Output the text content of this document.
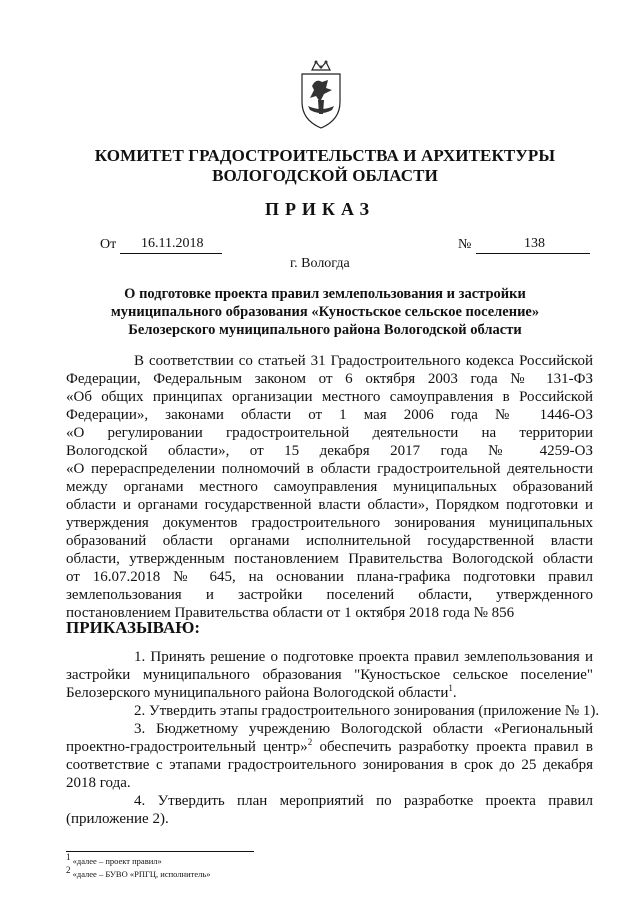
КОМИТЕТ ГРАДОСТРОИТЕЛЬСТВА И АРХИТЕКТУРЫ
ВОЛОГОДСКОЙ ОБЛАСТИ
ПРИКАЗ
От 16.11.2018	№	138
г. Вологда
О подготовке проекта правил землепользования и застройки
муниципального образования «Куностьское сельское поселение»
Белозерского муниципального района Вологодской области
В соответствии со статьей 31 Градостроительного кодекса Российской
Федерации, Федеральным законом от 6 октября 2003 года № 131-ФЗ
«Об общих принципах организации местного самоуправления в Российской
Федерации», законами области от 1 мая 2006 года № 1446-ОЗ
«О регулировании градостроительной деятельности на территории
Вологодской области», от 15 декабря 2017 года № 4259-ОЗ
«О перераспределении полномочий в области градостроительной деятельности
между органами местного самоуправления муниципальных образований
области и органами государственной власти области», Порядком подготовки и
утверждения документов градостроительного зонирования муниципальных
образований области органами исполнительной государственной власти
области, утвержденным постановлением Правительства Вологодской области
от 16.07.2018 № 645, на основании плана-графика подготовки правил
землепользования и застройки поселений области, утвержденного
постановлением Правительства области от 1 октября 2018 года № 856
ПРИКАЗЫВАЮ:
1. Принять решение о подготовке проекта правил землепользования и
застройки муниципального образования "Куностьское сельское поселение"
Белозерского муниципального района Вологодской области$^1$.
2. Утвердить этапы градостроительного зонирования (приложение № 1).
3. Бюджетному учреждению Вологодской области «Региональный
проектно-градостроительный центр»$^2$ обеспечить разработку проекта правил в
соответствие с этапами градостроительного зонирования в срок до 25 декабря
2018 года.
4. Утвердить план мероприятий по разработке проекта правил
(приложение 2).
$^1$ «далее – проект правил»
$^2$ «далее – БУВО «РПГЦ, исполнитель»
